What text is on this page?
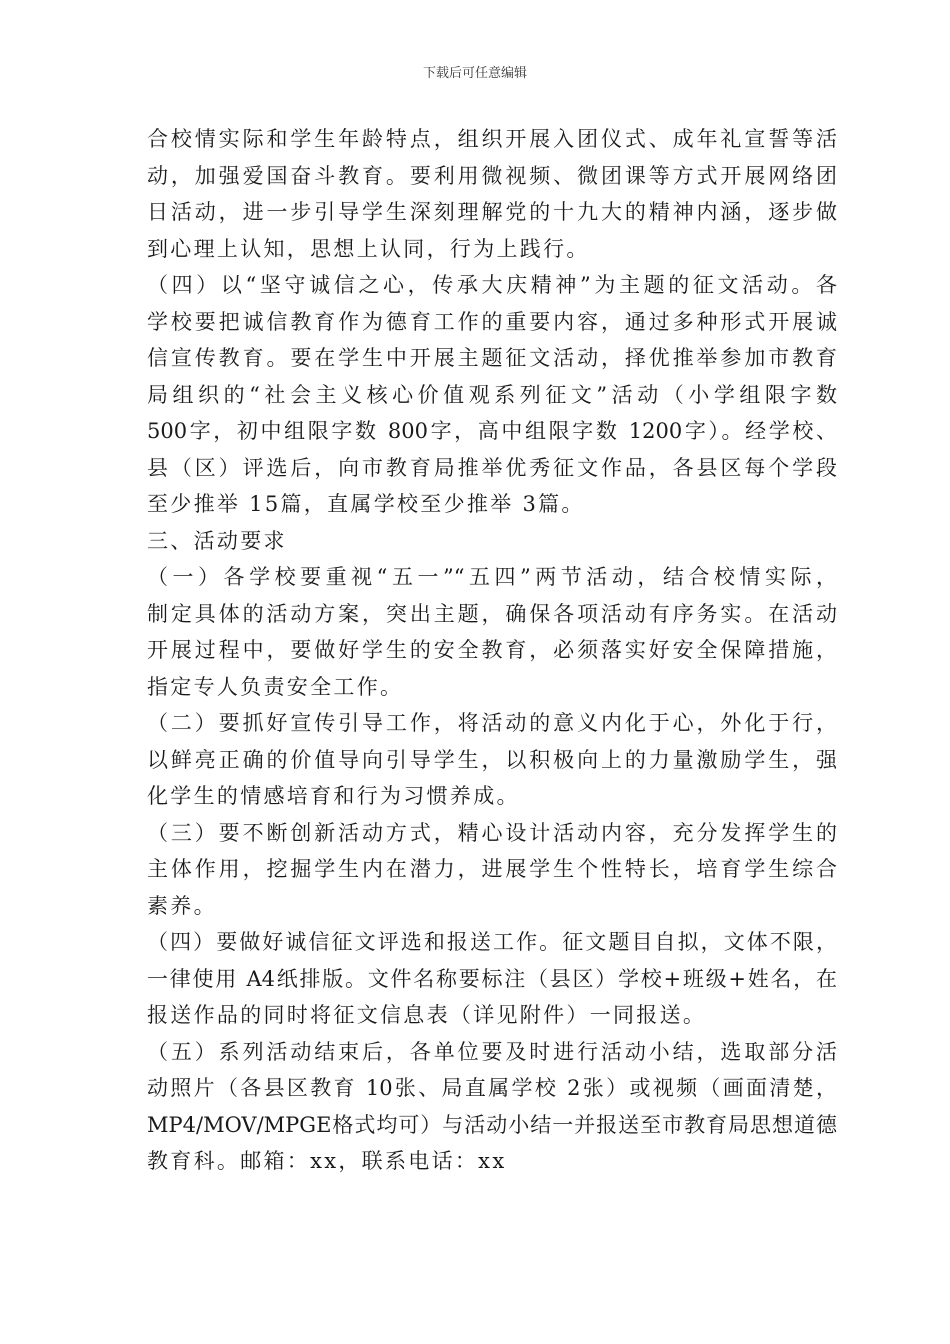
下载后可任意编辑
合校情实际和学生年龄特点，组织开展入团仪式、成年礼宣誓等活
动，加强爱国奋斗教育。要利用微视频、微团课等方式开展网络团
日活动，进一步引导学生深刻理解党的十九大的精神内涵，逐步做
到心理上认知，思想上认同，行为上践行。
（四）以“坚守诚信之心，传承大庆精神”为主题的征文活动。各
学校要把诚信教育作为德育工作的重要内容，通过多种形式开展诚
信宣传教育。要在学生中开展主题征文活动，择优推举参加市教育
局组织的“社会主义核心价值观系列征文”活动（小学组限字数
500字，初中组限字数 800字，高中组限字数 1200字）。经学校、
县（区）评选后，向市教育局推举优秀征文作品，各县区每个学段
至少推举 15篇，直属学校至少推举 3篇。
三、活动要求
（一）各学校要重视“五一”“五四”两节活动，结合校情实际，
制定具体的活动方案，突出主题，确保各项活动有序务实。在活动
开展过程中，要做好学生的安全教育，必须落实好安全保障措施，
指定专人负责安全工作。
（二）要抓好宣传引导工作，将活动的意义内化于心，外化于行，
以鲜亮正确的价值导向引导学生，以积极向上的力量激励学生，强
化学生的情感培育和行为习惯养成。
（三）要不断创新活动方式，精心设计活动内容，充分发挥学生的
主体作用，挖掘学生内在潜力，进展学生个性特长，培育学生综合
素养。
（四）要做好诚信征文评选和报送工作。征文题目自拟，文体不限，
一律使用 A4纸排版。文件名称要标注（县区）学校+班级+姓名，在
报送作品的同时将征文信息表（详见附件）一同报送。
（五）系列活动结束后，各单位要及时进行活动小结，选取部分活
动照片（各县区教育 10张、局直属学校 2张）或视频（画面清楚，
MP4/MOV/MPGE格式均可）与活动小结一并报送至市教育局思想道德
教育科。邮箱：xx，联系电话：xx
